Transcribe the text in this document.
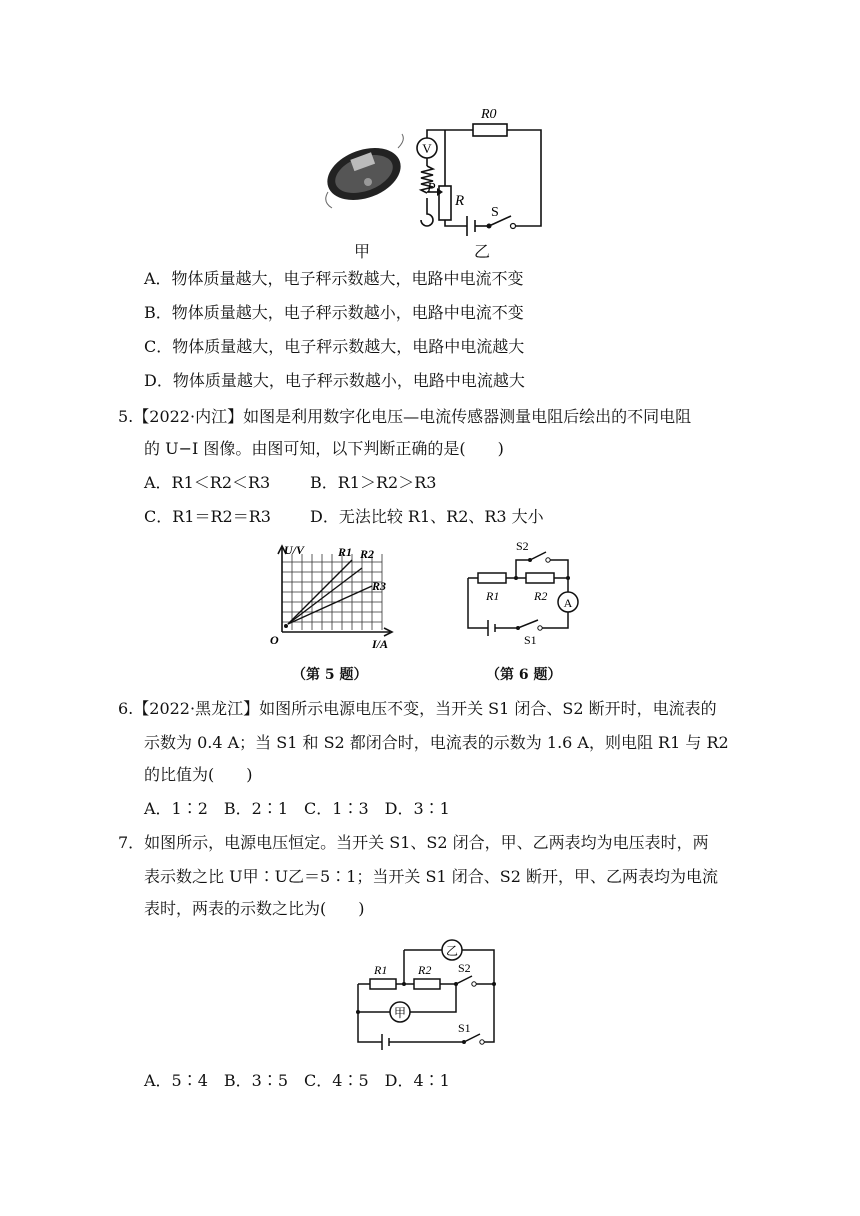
V
R0
R
P
S
甲	乙
A．物体质量越大，电子秤示数越大，电路中电流不变
B．物体质量越大，电子秤示数越小，电路中电流不变
C．物体质量越大，电子秤示数越大，电路中电流越大
D．物体质量越大，电子秤示数越小，电路中电流越大
5.【2022·内江】如图是利用数字化电压—电流传感器测量电阻后绘出的不同电阻
的 U−I 图像。由图可知，以下判断正确的是(　　)
A．R1＜R2＜R3 B．R1＞R2＞R3
C．R1＝R2＝R3 D．无法比较 R1、R2、R3 大小
U/V
I/A
O
R1 R2
R3
（第 5 题）
A
S2
R1	R2
S1
（第 6 题）
6.【2022·黑龙江】如图所示电源电压不变，当开关 S1 闭合、S2 断开时，电流表的
示数为 0.4 A；当 S1 和 S2 都闭合时，电流表的示数为 1.6 A，则电阻 R1 与 R2
的比值为(　　)
A．1∶2　B．2∶1　C．1∶3　D．3∶1
7．如图所示，电源电压恒定。当开关 S1、S2 闭合，甲、乙两表均为电压表时，两
表示数之比 U甲∶U乙＝5∶1；当开关 S1 闭合、S2 断开，甲、乙两表均为电流
表时，两表的示数之比为(　　)
乙
甲
R1	R2 S2
S1
A．5∶4　B．3∶5　C．4∶5　D．4∶1
